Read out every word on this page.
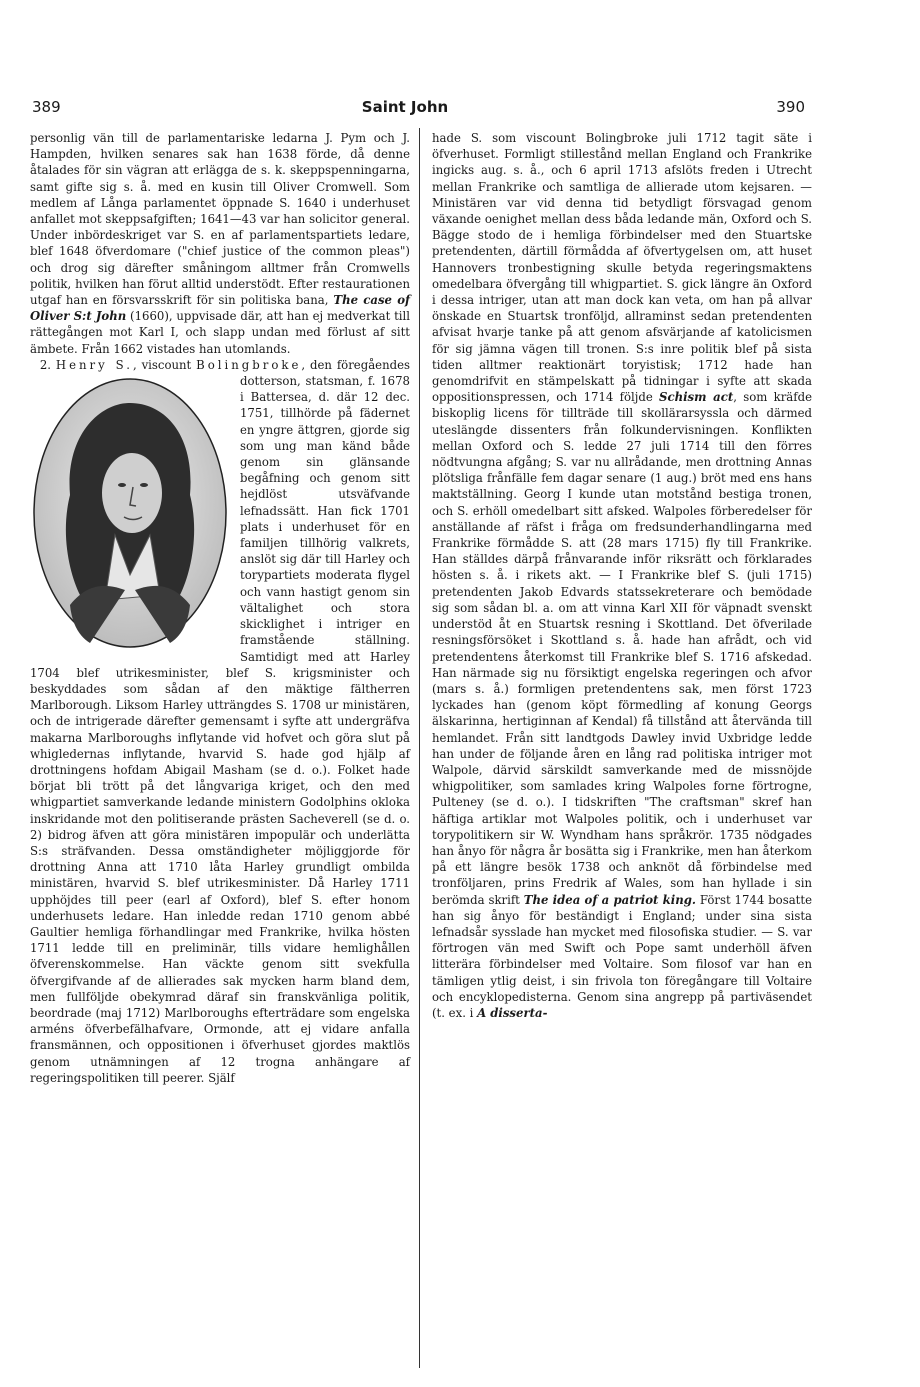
389	Saint John	390

personlig vän till de parlamentariske ledarna J. Pym och J. Hampden, hvilken senares sak han 1638 förde, då denne åtalades för sin vägran att erlägga de s. k. skeppspenningarna, samt gifte sig s. å. med en kusin till Oliver Cromwell. Som medlem af Långa parlamentet öppnade S. 1640 i underhuset anfallet mot skeppsafgiften; 1641—43 var han solicitor general. Under inbördeskriget var S. en af parlamentspartiets ledare, blef 1648 öfverdomare ("chief justice of the common pleas") och drog sig därefter småningom alltmer från Cromwells politik, hvilken han förut alltid understödt. Efter restaurationen utgaf han en försvarsskrift för sin politiska bana, The case of Oliver S:t John (1660), uppvisade där, att han ej medverkat till rättegången mot Karl I, och slapp undan med förlust af sitt ämbete. Från 1662 vistades han utomlands.

2. Henry S., viscount Bolingbroke
, den föregåendes dotterson, statsman, f. 1678 i Battersea, d. där 12 dec. 1751, tillhörde på fädernet en yngre ättgren, gjorde sig som ung man känd både genom sin glänsande begåfning och genom sitt hejdlöst utsväfvande lefnadssätt. Han fick 1701 plats i underhuset för en familjen tillhörig valkrets, anslöt sig där till Harley och torypartiets moderata flygel och vann hastigt genom sin vältalighet och stora skicklighet i intriger en framstående ställning. Samtidigt med att Harley 1704 blef utrikesminister, blef S. krigsminister och beskyddades som sådan af den mäktige fältherren Marlborough. Liksom Harley utträngdes S. 1708 ur ministären, och de intrigerade därefter gemensamt i syfte att undergräfva makarna Marlboroughs inflytande vid hofvet och göra slut på whigledernas inflytande, hvarvid S. hade god hjälp af drottningens hofdam Abigail Masham (se d. o.). Folket hade börjat bli trött på det långvariga kriget, och den med whigpartiet samverkande ledande ministern Godolphins okloka inskridande mot den politiserande prästen Sacheverell (se d. o. 2) bidrog äfven att göra ministären impopulär och underlätta S:s sträfvanden. Dessa omständigheter möjliggjorde för drottning Anna att 1710 låta Harley grundligt ombilda ministären, hvarvid S. blef utrikesminister. Då Harley 1711 upphöjdes till peer (earl af Oxford), blef S. efter honom underhusets ledare. Han inledde redan 1710 genom abbé Gaultier hemliga förhandlingar med Frankrike, hvilka hösten 1711 ledde till en preliminär, tills vidare hemlighållen öfverenskommelse. Han väckte genom sitt svekfulla öfvergifvande af de allierades sak mycken harm bland dem, men fullföljde obekymrad däraf sin franskvänliga politik, beordrade (maj 1712) Marlboroughs efterträdare som engelska arméns öfverbefälhafvare, Ormonde, att ej vidare anfalla fransmännen, och oppositionen i öfverhuset gjordes maktlös genom utnämningen af 12 trogna anhängare af regeringspolitiken till peerer. Själf

hade S. som viscount Bolingbroke juli 1712 tagit säte i öfverhuset. Formligt stillestånd mellan England och Frankrike ingicks aug. s. å., och 6 april 1713 afslöts freden i Utrecht mellan Frankrike och samtliga de allierade utom kejsaren. — Ministären var vid denna tid betydligt försvagad genom växande oenighet mellan dess båda ledande män, Oxford och S. Bägge stodo de i hemliga förbindelser med den Stuartske pretendenten, därtill förmådda af öfvertygelsen om, att huset Hannovers tronbestigning skulle betyda regeringsmaktens omedelbara öfvergång till whigpartiet. S. gick längre än Oxford i dessa intriger, utan att man dock kan veta, om han på allvar önskade en Stuartsk tronföljd, allraminst sedan pretendenten afvisat hvarje tanke på att genom afsvärjande af katolicismen för sig jämna vägen till tronen. S:s inre politik blef på sista tiden alltmer reaktionärt toryistisk; 1712 hade han genomdrifvit en stämpelskatt på tidningar i syfte att skada oppositionspressen, och 1714 följde Schism act, som kräfde biskoplig licens för tillträde till skollärarsyssla och därmed uteslängde dissenters från folkundervisningen. Konflikten mellan Oxford och S. ledde 27 juli 1714 till den förres nödtvungna afgång; S. var nu allrådande, men drottning Annas plötsliga frånfälle fem dagar senare (1 aug.) bröt med ens hans maktställning. Georg I kunde utan motstånd bestiga tronen, och S. erhöll omedelbart sitt afsked. Walpoles förberedelser för anställande af räfst i fråga om fredsunderhandlingarna med Frankrike förmådde S. att (28 mars 1715) fly till Frankrike. Han ställdes därpå frånvarande inför riksrätt och förklarades hösten s. å. i rikets akt. — I Frankrike blef S. (juli 1715) pretendenten Jakob Edvards statssekreterare och bemödade sig som sådan bl. a. om att vinna Karl XII för väpnadt svenskt understöd åt en Stuartsk resning i Skottland. Det öfverilade resningsförsöket i Skottland s. å. hade han afrådt, och vid pretendentens återkomst till Frankrike blef S. 1716 afskedad. Han närmade sig nu försiktigt engelska regeringen och afvor (mars s. å.) formligen pretendentens sak, men först 1723 lyckades han (genom köpt förmedling af konung Georgs älskarinna, hertiginnan af Kendal) få tillstånd att återvända till hemlandet. Från sitt landtgods Dawley invid Uxbridge ledde han under de följande åren en lång rad politiska intriger mot Walpole, därvid särskildt samverkande med de missnöjde whigpolitiker, som samlades kring Walpoles forne förtrogne, Pulteney (se d. o.). I tidskriften "The craftsman" skref han häftiga artiklar mot Walpoles politik, och i underhuset var torypolitikern sir W. Wyndham hans språkrör. 1735 nödgades han ånyo för några år bosätta sig i Frankrike, men han återkom på ett längre besök 1738 och anknöt då förbindelse med tronföljaren, prins Fredrik af Wales, som han hyllade i sin berömda skrift The idea of a patriot king. Först 1744 bosatte han sig ånyo för beständigt i England; under sina sista lefnadsår sysslade han mycket med filosofiska studier. — S. var förtrogen vän med Swift och Pope samt underhöll äfven litterära förbindelser med Voltaire. Som filosof var han en tämligen ytlig deist, i sin frivola ton föregångare till Voltaire och encyklopedisterna. Genom sina angrepp på partiväsendet (t. ex. i A disserta-
